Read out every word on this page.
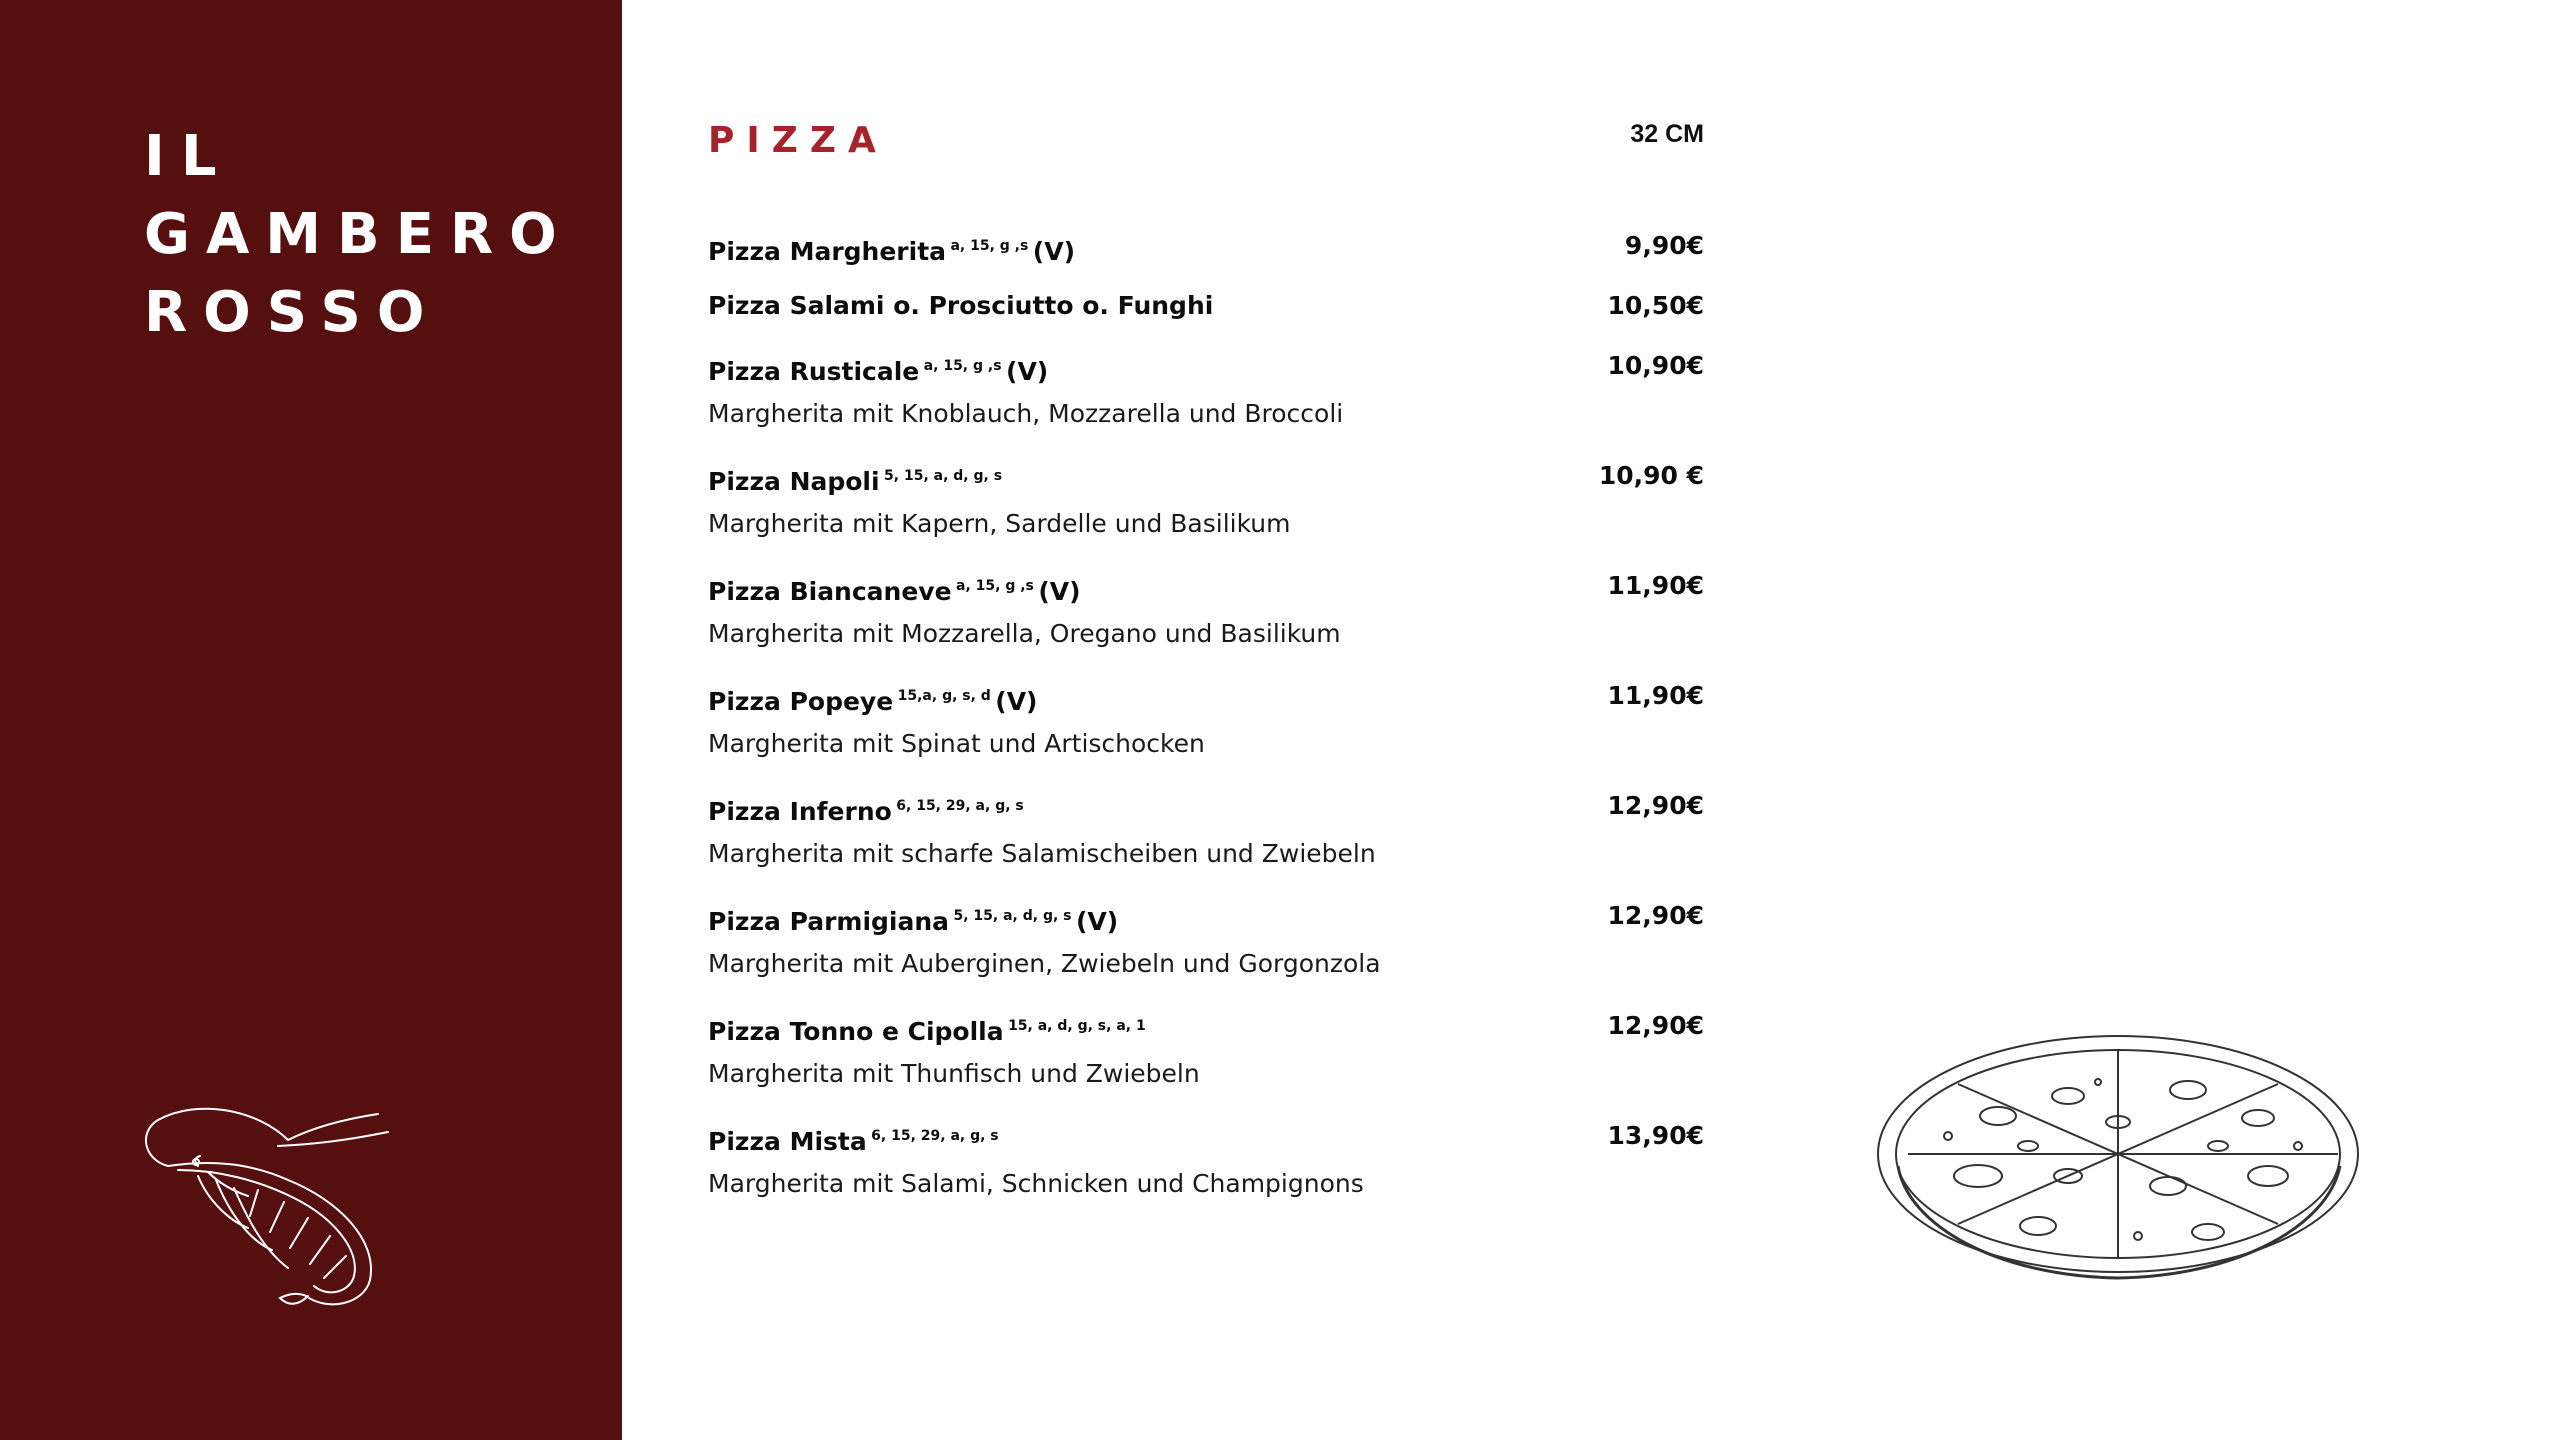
IL
GAMBERO
ROSSO
PIZZA	32 CM
Pizza Margherita a, 15, g ,s (V)	9,90€
Pizza Salami o. Prosciutto o. Funghi	10,50€
Pizza Rusticale a, 15, g ,s (V)	10,90€
Margherita mit Knoblauch, Mozzarella und Broccoli
Pizza Napoli 5, 15, a, d, g, s	10,90 €
Margherita mit Kapern, Sardelle und Basilikum
Pizza Biancaneve a, 15, g ,s (V)	11,90€
Margherita mit Mozzarella, Oregano und Basilikum
Pizza Popeye 15,a, g, s, d (V)	11,90€
Margherita mit Spinat und Artischocken
Pizza Inferno 6, 15, 29, a, g, s	12,90€
Margherita mit scharfe Salamischeiben und Zwiebeln
Pizza Parmigiana 5, 15, a, d, g, s (V)	12,90€
Margherita mit Auberginen, Zwiebeln und Gorgonzola
Pizza Tonno e Cipolla 15, a, d, g, s, a, 1	12,90€
Margherita mit Thunfisch und Zwiebeln
Pizza Mista 6, 15, 29, a, g, s	13,90€
Margherita mit Salami, Schnicken und Champignons
